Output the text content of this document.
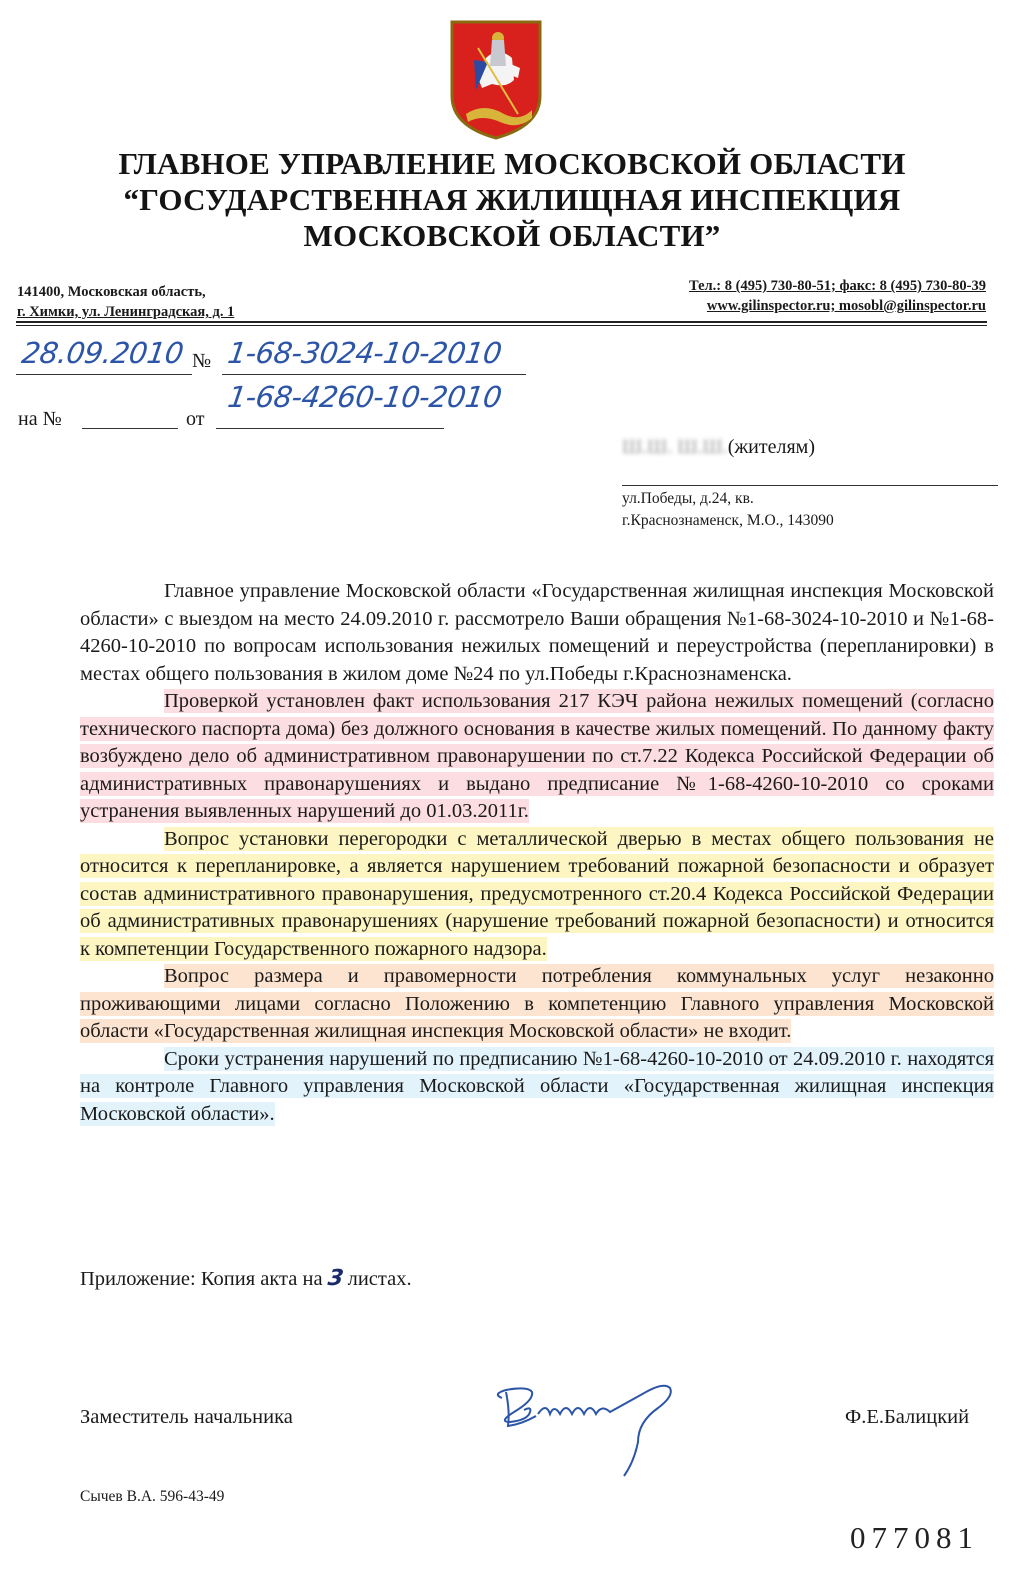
ГЛАВНОЕ УПРАВЛЕНИЕ МОСКОВСКОЙ ОБЛАСТИ
“ГОСУДАРСТВЕННАЯ ЖИЛИЩНАЯ ИНСПЕКЦИЯ
МОСКОВСКОЙ ОБЛАСТИ”
141400, Московская область,
г. Химки, ул. Ленинградская, д. 1
Тел.: 8 (495) 730-80-51; факс: 8 (495) 730-80-39
www.gilinspector.ru; mosobl@gilinspector.ru
28.09.2010 № 1-68-3024-10-2010
на №	от
1-68-4260-10-2010
Ш.Ш. Ш.Ш.(жителям)
ул.Победы, д.24, кв.
г.Краснознаменск, М.О., 143090

Главное управление Московской области «Государственная жилищная инспекция Московской области» с выездом на место 24.09.2010 г. рассмотрело Ваши обращения №1-68-3024-10-2010 и №1-68-4260-10-2010 по вопросам использования нежилых помещений и переустройства (перепланировки) в местах общего пользования в жилом доме №24 по ул.Победы г.Краснознаменска.

Проверкой установлен факт использования 217 КЭЧ района нежилых помещений (согласно технического паспорта дома) без должного основания в качестве жилых помещений. По данному факту возбуждено дело об административном правонарушении по ст.7.22 Кодекса Российской Федерации об административных правонарушениях и выдано предписание №1-68-4260-10-2010 со сроками устранения выявленных нарушений до 01.03.2011г.

Вопрос установки перегородки с металлической дверью в местах общего пользования не относится к перепланировке, а является нарушением требований пожарной безопасности и образует состав административного правонарушения, предусмотренного ст.20.4 Кодекса Российской Федерации об административных правонарушениях (нарушение требований пожарной безопасности) и относится к компетенции Государственного пожарного надзора.

Вопрос размера и правомерности потребления коммунальных услуг незаконно проживающими лицами согласно Положению в компетенцию Главного управления Московской области «Государственная жилищная инспекция Московской области» не входит.

Сроки устранения нарушений по предписанию №1-68-4260-10-2010 от 24.09.2010 г. находятся на контроле Главного управления Московской области «Государственная жилищная инспекция Московской области».

Приложение: Копия акта на 3 листах.
Заместитель начальника	Ф.Е.Балицкий
Сычев В.А. 596-43-49
077081
